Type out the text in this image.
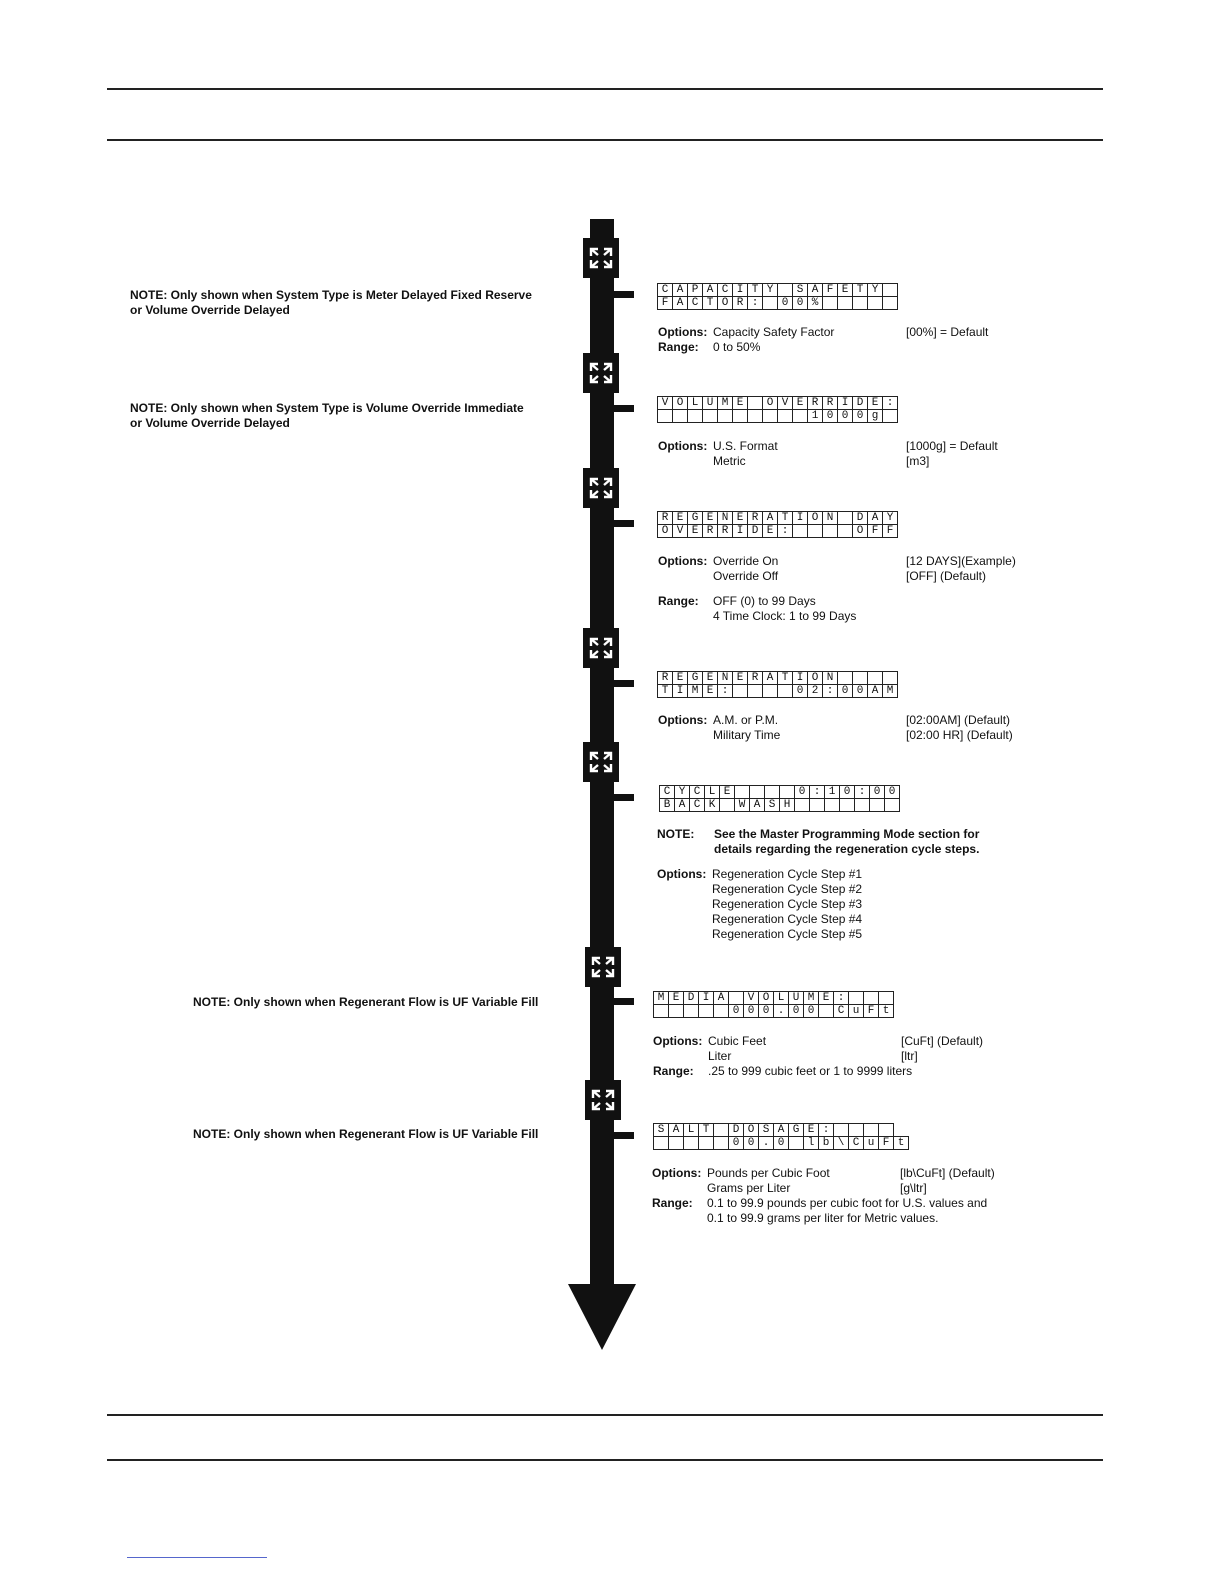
NOTE: Only shown when System Type is Meter Delayed Fixed Reserve
or Volume Override Delayed
NOTE: Only shown when System Type is Volume Override Immediate
or Volume Override Delayed
NOTE: Only shown when Regenerant Flow is UF Variable Fill
NOTE: Only shown when Regenerant Flow is UF Variable Fill
C	A	P	A	C	I	T	Y		S	A	F	E	T	Y	
F	A	C	T	O	R	:		0	0	%					
Options: Capacity Safety Factor	[00%] = Default
Range: 0 to 50%
V	O	L	U	M	E		O	V	E	R	R	I	D	E	:
										1	0	0	0	g	
Options: U.S. Format	[1000g] = Default
Metric	[m3]
R	E	G	E	N	E	R	A	T	I	O	N		D	A	Y
O	V	E	R	R	I	D	E	:					O	F	F
Options: Override On	[12 DAYS](Example)
Override Off	[OFF] (Default)
Range: OFF (0) to 99 Days
4 Time Clock: 1 to 99 Days
R	E	G	E	N	E	R	A	T	I	O	N				
T	I	M	E	:					0	2	:	0	0	A	M
Options: A.M. or P.M.	[02:00AM] (Default)
Military Time	[02:00 HR] (Default)
C	Y	C	L	E					0	:	1	0	:	0	0
B	A	C	K		W	A	S	H							
NOTE: See the Master Programming Mode section for
details regarding the regeneration cycle steps.
Options: Regeneration Cycle Step #1
Regeneration Cycle Step #2
Regeneration Cycle Step #3
Regeneration Cycle Step #4
Regeneration Cycle Step #5
M	E	D	I	A		V	O	L	U	M	E	:			
					0	0	0	.	0	0		C	u	F	t
Options: Cubic Feet	[CuFt] (Default)
Liter	[ltr]
Range: .25 to 999 cubic feet or 1 to 9999 liters
S	A	L	T		D	O	S	A	G	E	:					
					0	0	.	0		l	b	\	C	u	F	t
Options: Pounds per Cubic Foot	[lb\CuFt] (Default)
Grams per Liter	[g\ltr]
Range: 0.1 to 99.9 pounds per cubic foot for U.S. values and
0.1 to 99.9 grams per liter for Metric values.
